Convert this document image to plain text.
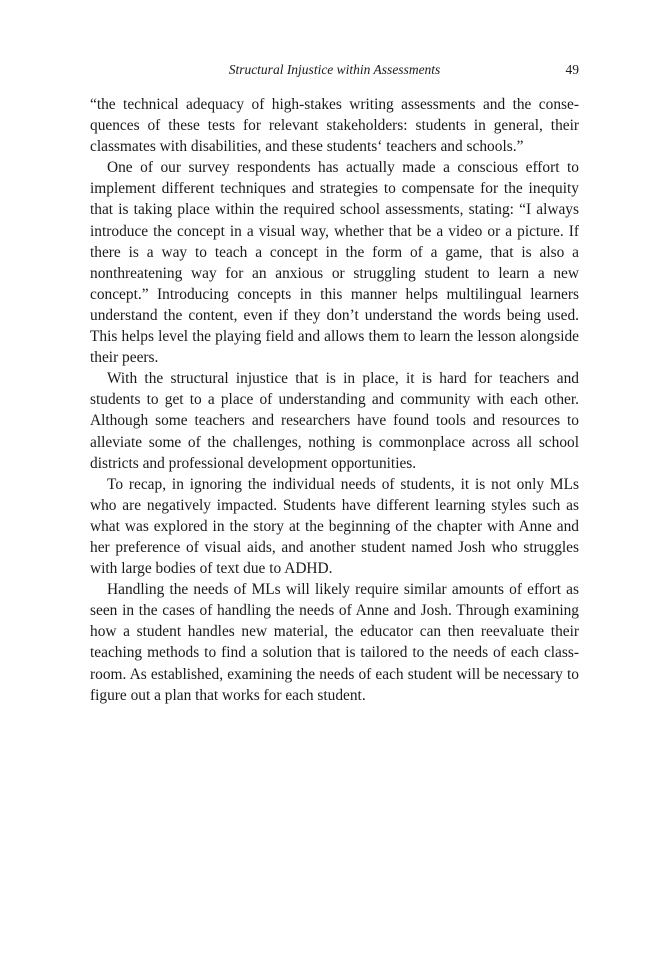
Structural Injustice within Assessments	49

“the technical adequacy of high-stakes writing assessments and the consequences of these tests for relevant stakeholders: students in general, their classmates with disabilities, and these students‘ teachers and schools.”

One of our survey respondents has actually made a conscious effort to implement different techniques and strategies to compensate for the inequity that is taking place within the required school assessments, stating: “I always introduce the concept in a visual way, whether that be a video or a picture. If there is a way to teach a concept in the form of a game, that is also a nonthreatening way for an anxious or struggling student to learn a new concept.” Introducing concepts in this manner helps multilingual learners understand the content, even if they don’t understand the words being used. This helps level the playing field and allows them to learn the lesson alongside their peers.

With the structural injustice that is in place, it is hard for teachers and students to get to a place of understanding and community with each other. Although some teachers and researchers have found tools and resources to alleviate some of the challenges, nothing is commonplace across all school districts and professional development opportunities.

To recap, in ignoring the individual needs of students, it is not only MLs who are negatively impacted. Students have different learning styles such as what was explored in the story at the beginning of the chapter with Anne and her preference of visual aids, and another student named Josh who struggles with large bodies of text due to ADHD.

Handling the needs of MLs will likely require similar amounts of effort as seen in the cases of handling the needs of Anne and Josh. Through examining how a student handles new material, the educator can then reevaluate their teaching methods to find a solution that is tailored to the needs of each classroom. As established, examining the needs of each student will be necessary to figure out a plan that works for each student.
